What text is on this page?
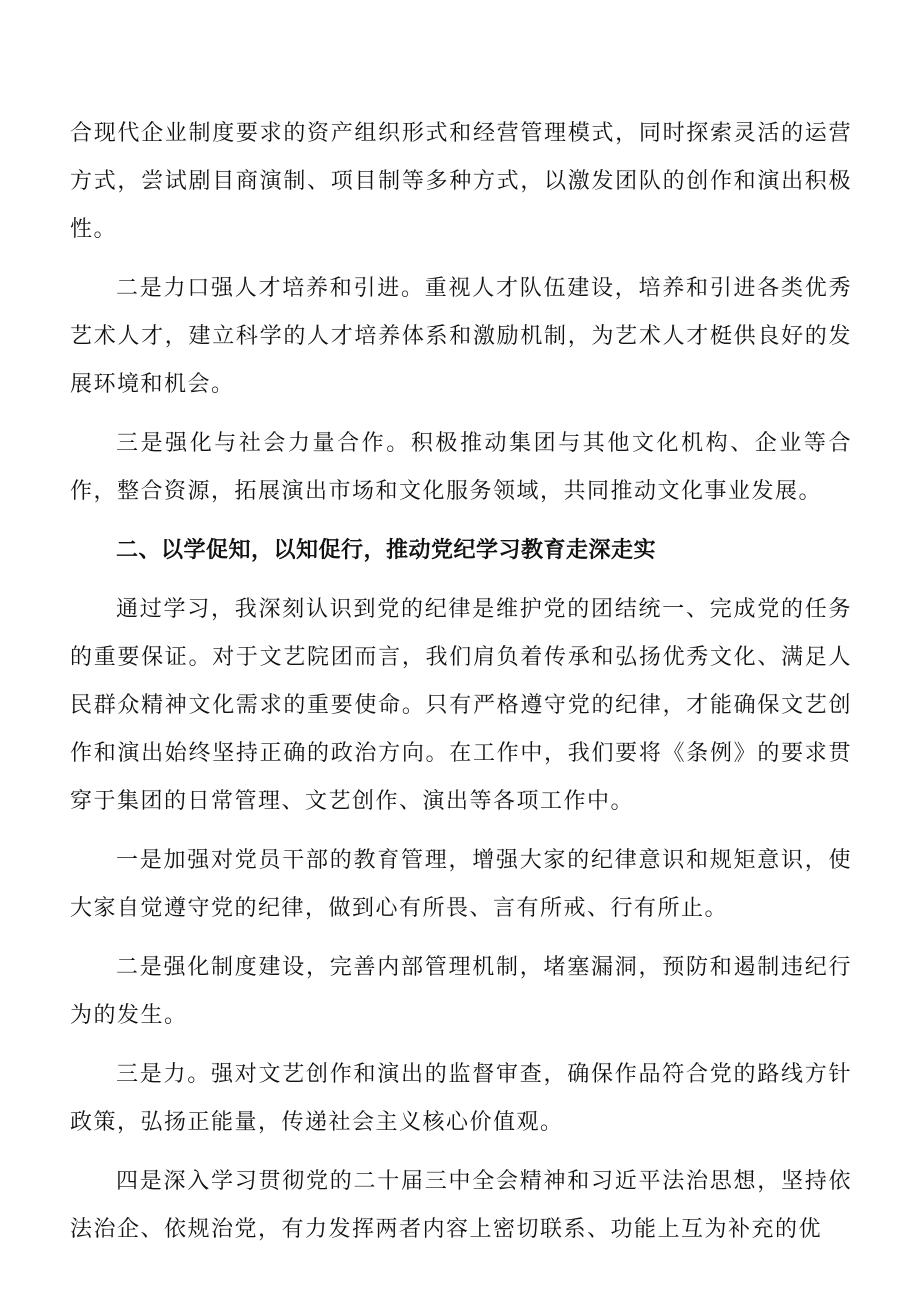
合现代企业制度要求的资产组织形式和经营管理模式，同时探索灵活的运营方式，尝试剧目商演制、项目制等多种方式，以激发团队的创作和演出积极性。

二是力口强人才培养和引进。重视人才队伍建设，培养和引进各类优秀艺术人才，建立科学的人才培养体系和激励机制，为艺术人才梃供良好的发展环境和机会。

三是强化与社会力量合作。积极推动集团与其他文化机构、企业等合作，整合资源，拓展演出市场和文化服务领域，共同推动文化事业发展。

二、以学促知，以知促行，推动党纪学习教育走深走实

通过学习，我深刻认识到党的纪律是维护党的团结统一、完成党的任务的重要保证。对于文艺院团而言，我们肩负着传承和弘扬优秀文化、满足人民群众精神文化需求的重要使命。只有严格遵守党的纪律，才能确保文艺创作和演出始终坚持正确的政治方向。在工作中，我们要将《条例》的要求贯穿于集团的日常管理、文艺创作、演出等各项工作中。

一是加强对党员干部的教育管理，增强大家的纪律意识和规矩意识，使大家自觉遵守党的纪律，做到心有所畏、言有所戒、行有所止。

二是强化制度建设，完善内部管理机制，堵塞漏洞，预防和遏制违纪行为的发生。

三是力。强对文艺创作和演出的监督审查，确保作品符合党的路线方针政策，弘扬正能量，传递社会主义核心价值观。

四是深入学习贯彻党的二十届三中全会精神和习近平法治思想，坚持依法治企、依规治党，有力发挥两者内容上密切联系、功能上互为补充的优
